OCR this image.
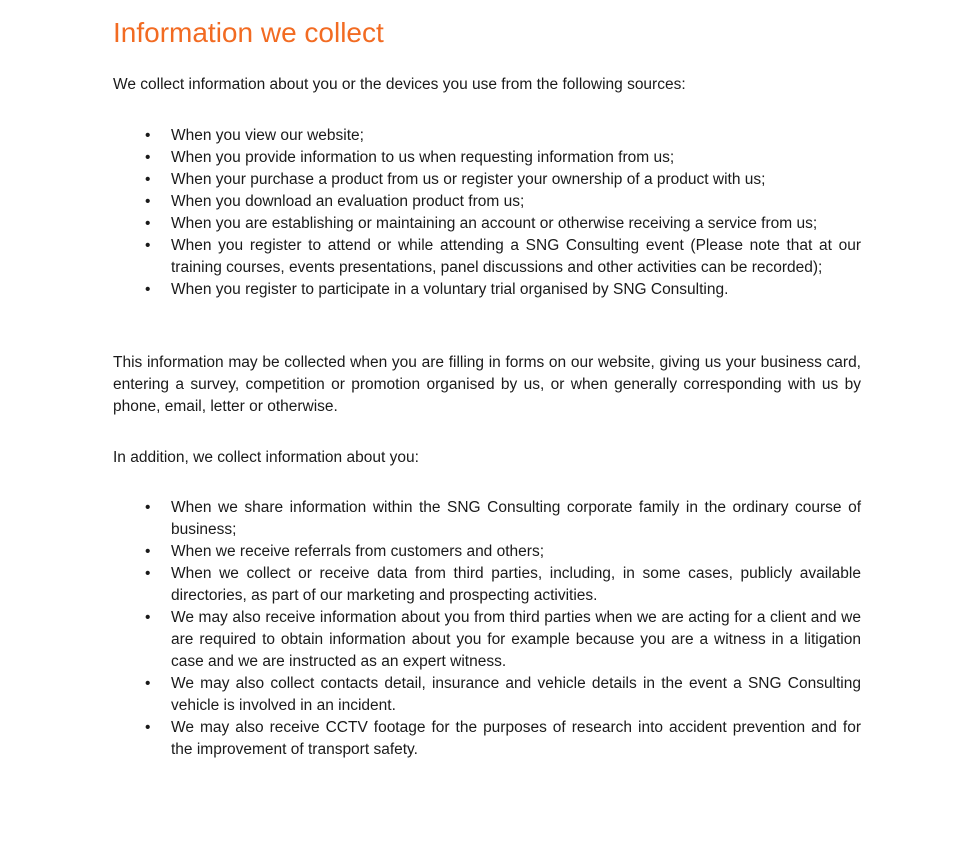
Information we collect

We collect information about you or the devices you use from the following sources:

• When you view our website;
• When you provide information to us when requesting information from us;
• When your purchase a product from us or register your ownership of a product with us;
• When you download an evaluation product from us;
• When you are establishing or maintaining an account or otherwise receiving a service from us;
• When you register to attend or while attending a SNG Consulting event (Please note that at our training courses, events presentations, panel discussions and other activities can be recorded);
• When you register to participate in a voluntary trial organised by SNG Consulting.

This information may be collected when you are filling in forms on our website, giving us your business card, entering a survey, competition or promotion organised by us, or when generally corresponding with us by phone, email, letter or otherwise.

In addition, we collect information about you:

• When we share information within the SNG Consulting corporate family in the ordinary course of business;
• When we receive referrals from customers and others;
• When we collect or receive data from third parties, including, in some cases, publicly available directories, as part of our marketing and prospecting activities.
• We may also receive information about you from third parties when we are acting for a client and we are required to obtain information about you for example because you are a witness in a litigation case and we are instructed as an expert witness.
• We may also collect contacts detail, insurance and vehicle details in the event a SNG Consulting vehicle is involved in an incident.
• We may also receive CCTV footage for the purposes of research into accident prevention and for the improvement of transport safety.
